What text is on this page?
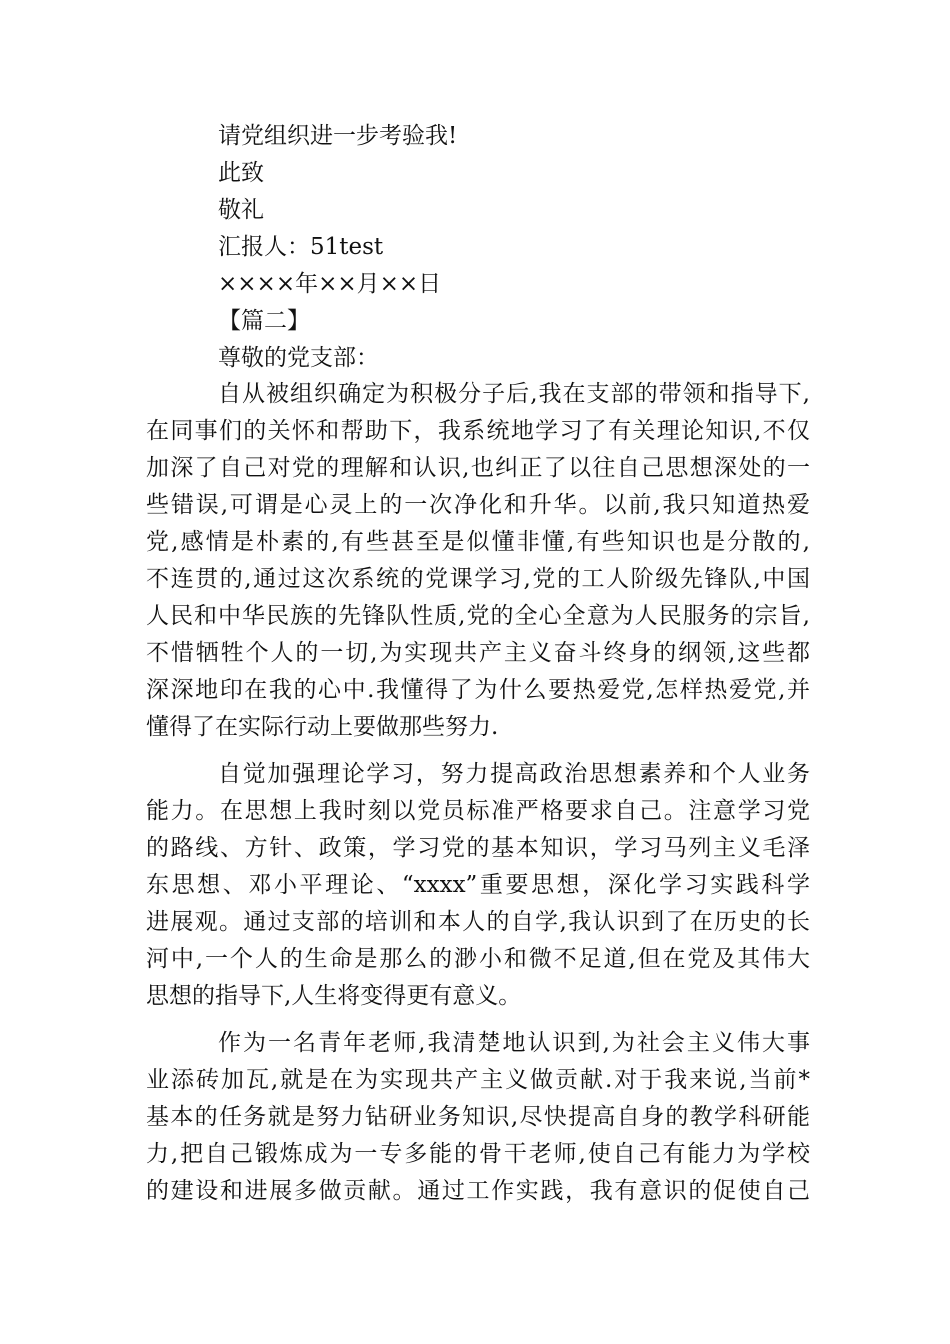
请党组织进一步考验我!
此致
敬礼
汇报人：51test
××××年××月××日
【篇二】
尊敬的党支部：
自从被组织确定为积极分子后,我在支部的带领和指导下,
在同事们的关怀和帮助下，我系统地学习了有关理论知识,不仅
加深了自己对党的理解和认识,也纠正了以往自己思想深处的一
些错误,可谓是心灵上的一次净化和升华。以前,我只知道热爱
党,感情是朴素的,有些甚至是似懂非懂,有些知识也是分散的,
不连贯的,通过这次系统的党课学习,党的工人阶级先锋队,中国
人民和中华民族的先锋队性质,党的全心全意为人民服务的宗旨,
不惜牺牲个人的一切,为实现共产主义奋斗终身的纲领,这些都
深深地印在我的心中.我懂得了为什么要热爱党,怎样热爱党,并
懂得了在实际行动上要做那些努力.
自觉加强理论学习，努力提高政治思想素养和个人业务
能力。在思想上我时刻以党员标准严格要求自己。注意学习党
的路线、方针、政策，学习党的基本知识，学习马列主义毛泽
东思想、邓小平理论、“xxxx”重要思想，深化学习实践科学
进展观。通过支部的培训和本人的自学,我认识到了在历史的长
河中,一个人的生命是那么的渺小和微不足道,但在党及其伟大
思想的指导下,人生将变得更有意义。
作为一名青年老师,我清楚地认识到,为社会主义伟大事
业添砖加瓦,就是在为实现共产主义做贡献.对于我来说,当前*
基本的任务就是努力钻研业务知识,尽快提高自身的教学科研能
力,把自己锻炼成为一专多能的骨干老师,使自己有能力为学校
的建设和进展多做贡献。通过工作实践，我有意识的促使自己
